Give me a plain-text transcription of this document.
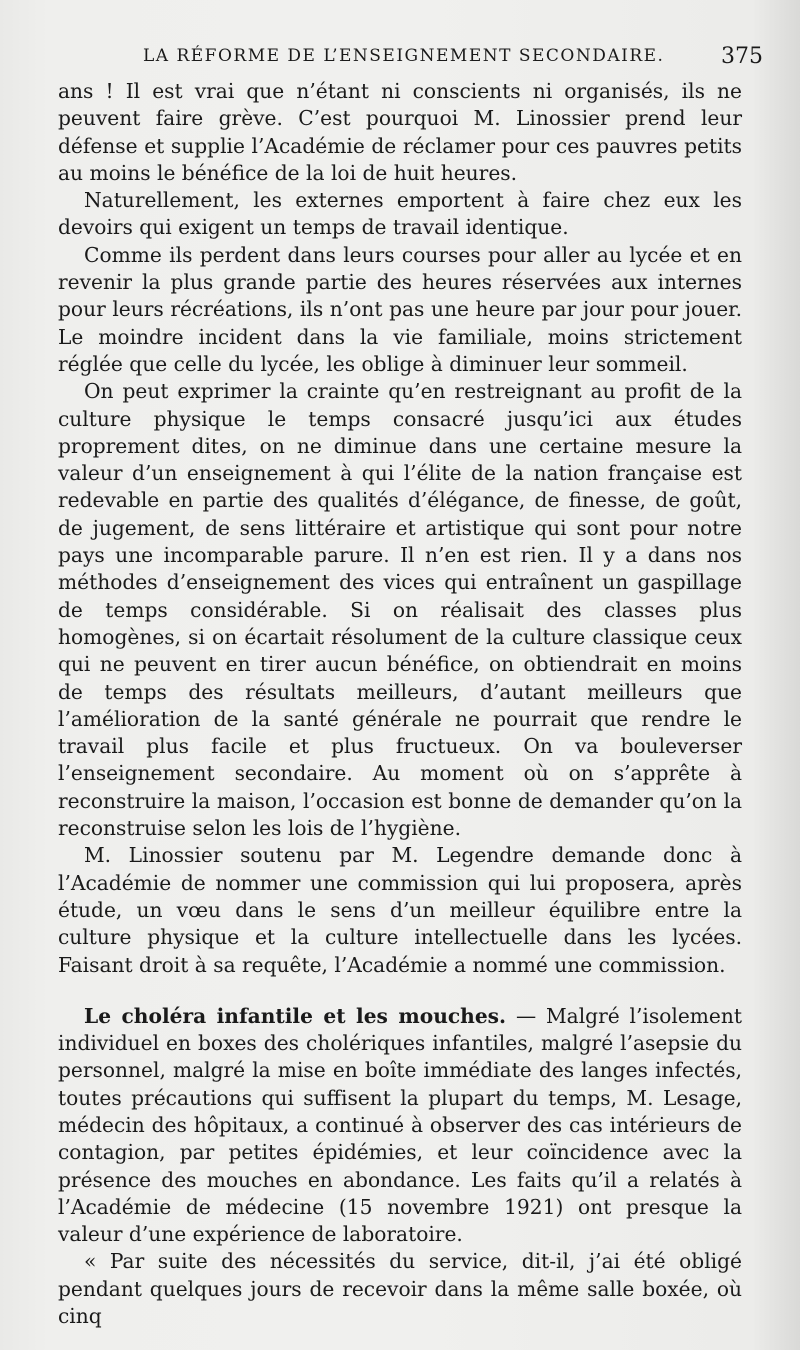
LA RÉFORME DE L’ENSEIGNEMENT SECONDAIRE.	375

ans ! Il est vrai que n’étant ni conscients ni organisés, ils ne peuvent faire grève. C’est pourquoi M. Linossier prend leur défense et supplie l’Académie de réclamer pour ces pauvres petits au moins le bénéfice de la loi de huit heures.

Naturellement, les externes emportent à faire chez eux les devoirs qui exigent un temps de travail identique.

Comme ils perdent dans leurs courses pour aller au lycée et en revenir la plus grande partie des heures réservées aux internes pour leurs récréations, ils n’ont pas une heure par jour pour jouer. Le moindre incident dans la vie familiale, moins strictement réglée que celle du lycée, les oblige à diminuer leur sommeil.

On peut exprimer la crainte qu’en restreignant au profit de la culture physique le temps consacré jusqu’ici aux études proprement dites, on ne diminue dans une certaine mesure la valeur d’un enseignement à qui l’élite de la nation française est redevable en partie des qualités d’élégance, de finesse, de goût, de jugement, de sens littéraire et artistique qui sont pour notre pays une incomparable parure. Il n’en est rien. Il y a dans nos méthodes d’enseignement des vices qui entraînent un gaspillage de temps considérable. Si on réalisait des classes plus homogènes, si on écartait résolument de la culture classique ceux qui ne peuvent en tirer aucun bénéfice, on obtiendrait en moins de temps des résultats meilleurs, d’autant meilleurs que l’amélioration de la santé générale ne pourrait que rendre le travail plus facile et plus fructueux. On va bouleverser l’enseignement secondaire. Au moment où on s’apprête à reconstruire la maison, l’occasion est bonne de demander qu’on la reconstruise selon les lois de l’hygiène.

M. Linossier soutenu par M. Legendre demande donc à l’Académie de nommer une commission qui lui proposera, après étude, un vœu dans le sens d’un meilleur équilibre entre la culture physique et la culture intellectuelle dans les lycées. Faisant droit à sa requête, l’Académie a nommé une commission.

Le choléra infantile et les mouches. — Malgré l’isolement individuel en boxes des cholériques infantiles, malgré l’asepsie du personnel, malgré la mise en boîte immédiate des langes infectés, toutes précautions qui suffisent la plupart du temps, M. Lesage, médecin des hôpitaux, a continué à observer des cas intérieurs de contagion, par petites épidémies, et leur coïncidence avec la présence des mouches en abondance. Les faits qu’il a relatés à l’Académie de médecine (15 novembre 1921) ont presque la valeur d’une expérience de laboratoire.

« Par suite des nécessités du service, dit-il, j’ai été obligé pendant quelques jours de recevoir dans la même salle boxée, où cinq
